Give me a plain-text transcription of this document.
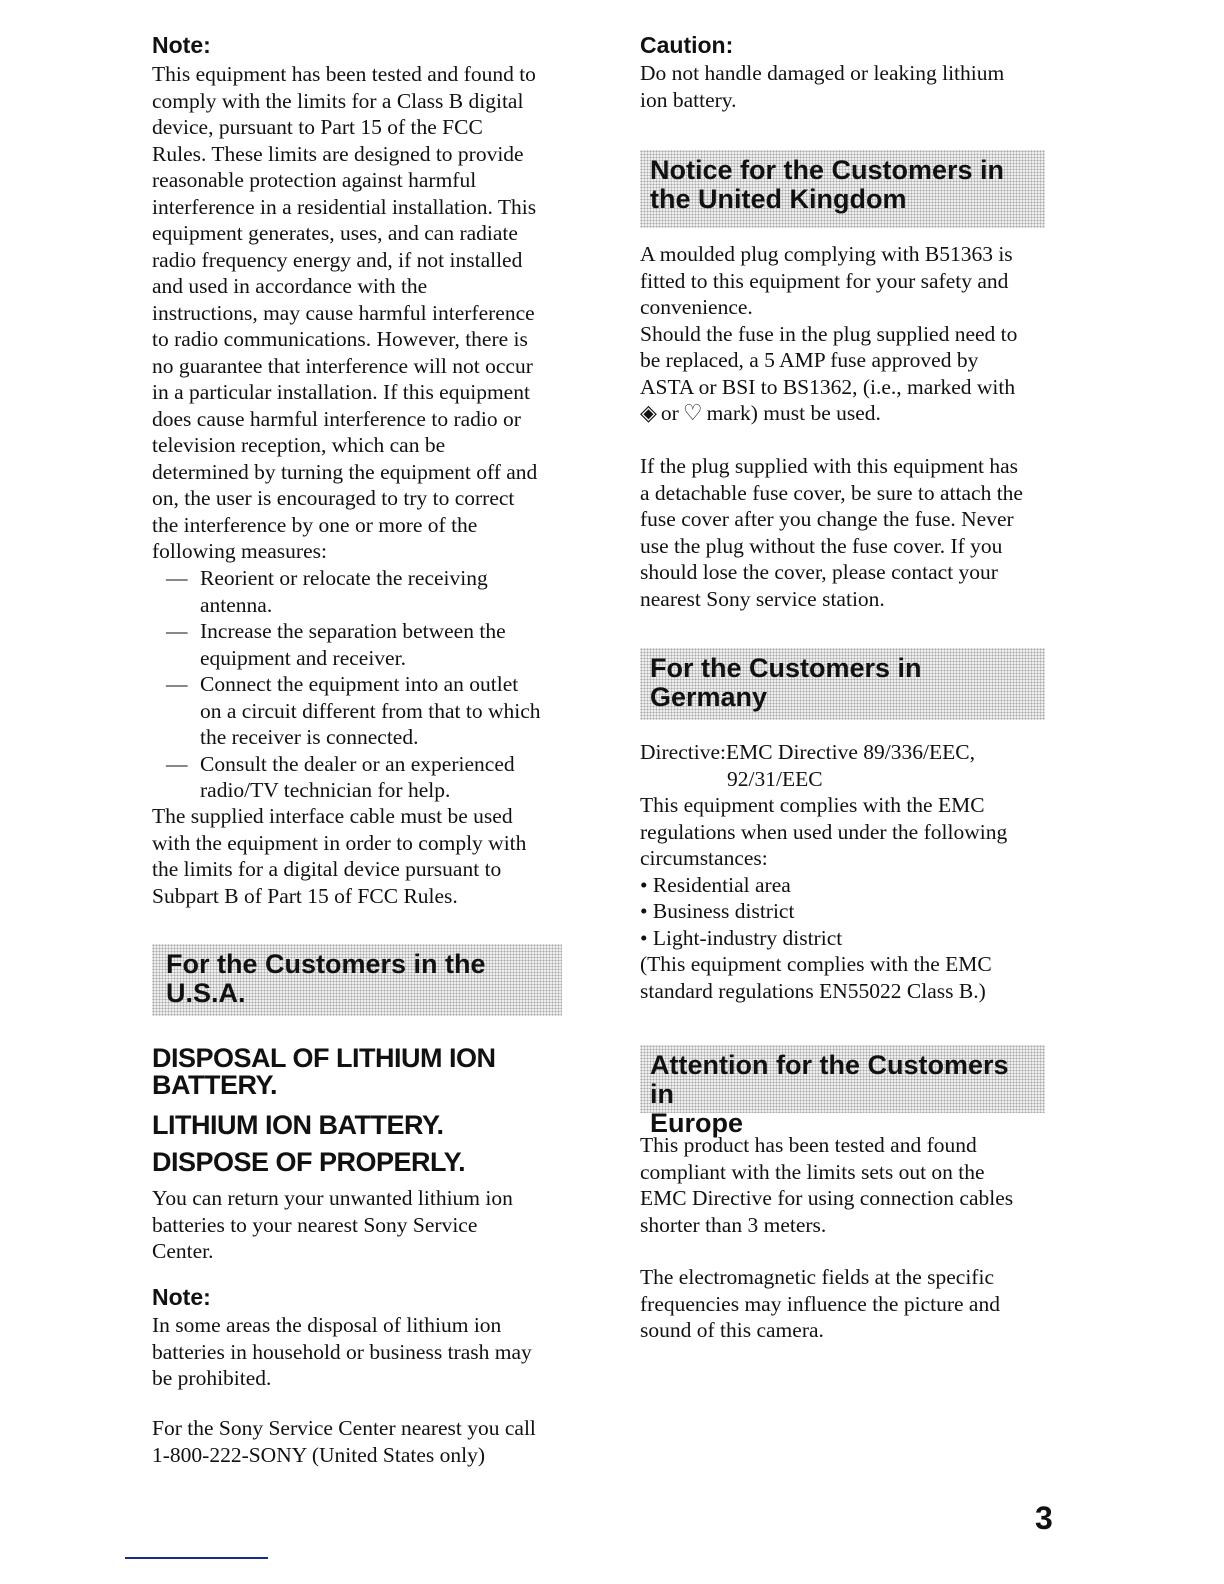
Note:
This equipment has been tested and found to
comply with the limits for a Class B digital
device, pursuant to Part 15 of the FCC
Rules. These limits are designed to provide
reasonable protection against harmful
interference in a residential installation. This
equipment generates, uses, and can radiate
radio frequency energy and, if not installed
and used in accordance with the
instructions, may cause harmful interference
to radio communications. However, there is
no guarantee that interference will not occur
in a particular installation. If this equipment
does cause harmful interference to radio or
television reception, which can be
determined by turning the equipment off and
on, the user is encouraged to try to correct
the interference by one or more of the
following measures:
— Reorient or relocate the receiving
antenna.
— Increase the separation between the
equipment and receiver.
— Connect the equipment into an outlet
on a circuit different from that to which
the receiver is connected.
— Consult the dealer or an experienced
radio/TV technician for help.
The supplied interface cable must be used
with the equipment in order to comply with
the limits for a digital device pursuant to
Subpart B of Part 15 of FCC Rules.
For the Customers in the
U.S.A.
DISPOSAL OF LITHIUM ION
BATTERY.
LITHIUM ION BATTERY.
DISPOSE OF PROPERLY.
You can return your unwanted lithium ion
batteries to your nearest Sony Service
Center.
Note:
In some areas the disposal of lithium ion
batteries in household or business trash may
be prohibited.
For the Sony Service Center nearest you call
1-800-222-SONY (United States only)
Caution:
Do not handle damaged or leaking lithium
ion battery.
Notice for the Customers in
the United Kingdom
A moulded plug complying with B51363 is
fitted to this equipment for your safety and
convenience.
Should the fuse in the plug supplied need to
be replaced, a 5 AMP fuse approved by
ASTA or BSI to BS1362, (i.e., marked with
◈ or ♡ mark) must be used.
If the plug supplied with this equipment has
a detachable fuse cover, be sure to attach the
fuse cover after you change the fuse. Never
use the plug without the fuse cover. If you
should lose the cover, please contact your
nearest Sony service station.
For the Customers in
Germany
Directive:EMC Directive 89/336/EEC,
92/31/EEC
This equipment complies with the EMC
regulations when used under the following
circumstances:
• Residential area
• Business district
• Light-industry district
(This equipment complies with the EMC
standard regulations EN55022 Class B.)
Attention for the Customers in
Europe
This product has been tested and found
compliant with the limits sets out on the
EMC Directive for using connection cables
shorter than 3 meters.
The electromagnetic fields at the specific
frequencies may influence the picture and
sound of this camera.
3
